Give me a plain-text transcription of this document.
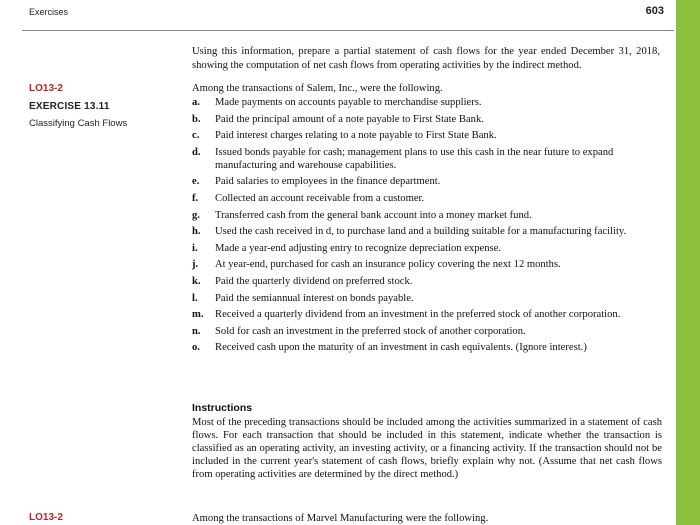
Exercises	603
Using this information, prepare a partial statement of cash flows for the year ended December 31, 2018, showing the computation of net cash flows from operating activities by the indirect method.
LO13-2
EXERCISE 13.11
Classifying Cash Flows
Among the transactions of Salem, Inc., were the following.
a.	Made payments on accounts payable to merchandise suppliers.
b.	Paid the principal amount of a note payable to First State Bank.
c.	Paid interest charges relating to a note payable to First State Bank.
d.	Issued bonds payable for cash; management plans to use this cash in the near future to expand manufacturing and warehouse capabilities.
e.	Paid salaries to employees in the finance department.
f.	Collected an account receivable from a customer.
g.	Transferred cash from the general bank account into a money market fund.
h.	Used the cash received in d, to purchase land and a building suitable for a manufacturing facility.
i.	Made a year-end adjusting entry to recognize depreciation expense.
j.	At year-end, purchased for cash an insurance policy covering the next 12 months.
k.	Paid the quarterly dividend on preferred stock.
l.	Paid the semiannual interest on bonds payable.
m.	Received a quarterly dividend from an investment in the preferred stock of another corporation.
n.	Sold for cash an investment in the preferred stock of another corporation.
o.	Received cash upon the maturity of an investment in cash equivalents. (Ignore interest.)
Instructions
Most of the preceding transactions should be included among the activities summarized in a statement of cash flows. For each transaction that should be included in this statement, indicate whether the transaction is classified as an operating activity, an investing activity, or a financing activity. If the transaction should not be included in the current year's statement of cash flows, briefly explain why not. (Assume that net cash flows from operating activities are determined by the direct method.)
LO13-2	Among the transactions of Marvel Manufacturing were the following.
